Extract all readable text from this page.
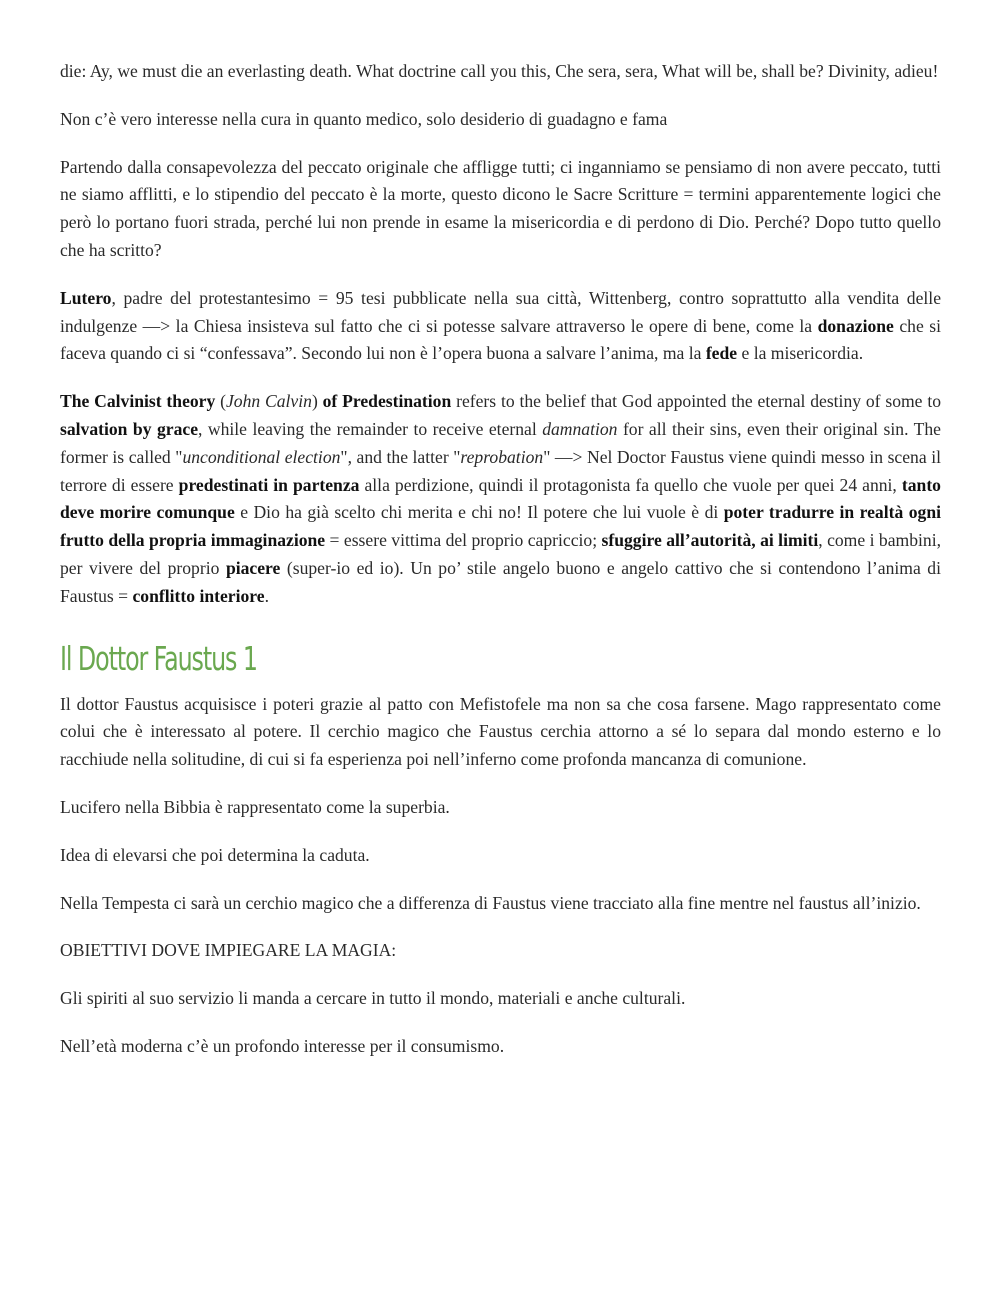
die: Ay, we must die an everlasting death. What doctrine call you this, Che sera, sera, What will be, shall be? Divinity, adieu!

Non c’è vero interesse nella cura in quanto medico, solo desiderio di guadagno e fama

Partendo dalla consapevolezza del peccato originale che affligge tutti; ci inganniamo se pensiamo di non avere peccato, tutti ne siamo afflitti, e lo stipendio del peccato è la morte, questo dicono le Sacre Scritture = termini apparentemente logici che però lo portano fuori strada, perché lui non prende in esame la misericordia e di perdono di Dio. Perché? Dopo tutto quello che ha scritto?

Lutero, padre del protestantesimo = 95 tesi pubblicate nella sua città, Wittenberg, contro soprattutto alla vendita delle indulgenze —> la Chiesa insisteva sul fatto che ci si potesse salvare attraverso le opere di bene, come la donazione che si faceva quando ci si “confessava”. Secondo lui non è l’opera buona a salvare l’anima, ma la fede e la misericordia.

The Calvinist theory (John Calvin) of Predestination refers to the belief that God appointed the eternal destiny of some to salvation by grace, while leaving the remainder to receive eternal damnation for all their sins, even their original sin. The former is called "unconditional election", and the latter "reprobation" —> Nel Doctor Faustus viene quindi messo in scena il terrore di essere predestinati in partenza alla perdizione, quindi il protagonista fa quello che vuole per quei 24 anni, tanto deve morire comunque e Dio ha già scelto chi merita e chi no! Il potere che lui vuole è di poter tradurre in realtà ogni frutto della propria immaginazione = essere vittima del proprio capriccio; sfuggire all’autorità, ai limiti, come i bambini, per vivere del proprio piacere (super-io ed io). Un po’ stile angelo buono e angelo cattivo che si contendono l’anima di Faustus = conflitto interiore.

Il Dottor Faustus 1

Il dottor Faustus acquisisce i poteri grazie al patto con Mefistofele ma non sa che cosa farsene. Mago rappresentato come colui che è interessato al potere. Il cerchio magico che Faustus cerchia attorno a sé lo separa dal mondo esterno e lo racchiude nella solitudine, di cui si fa esperienza poi nell’inferno come profonda mancanza di comunione.

Lucifero nella Bibbia è rappresentato come la superbia.

Idea di elevarsi che poi determina la caduta.

Nella Tempesta ci sarà un cerchio magico che a differenza di Faustus viene tracciato alla fine mentre nel faustus all’inizio.

OBIETTIVI DOVE IMPIEGARE LA MAGIA:

Gli spiriti al suo servizio li manda a cercare in tutto il mondo, materiali e anche culturali.

Nell’età moderna c’è un profondo interesse per il consumismo.
